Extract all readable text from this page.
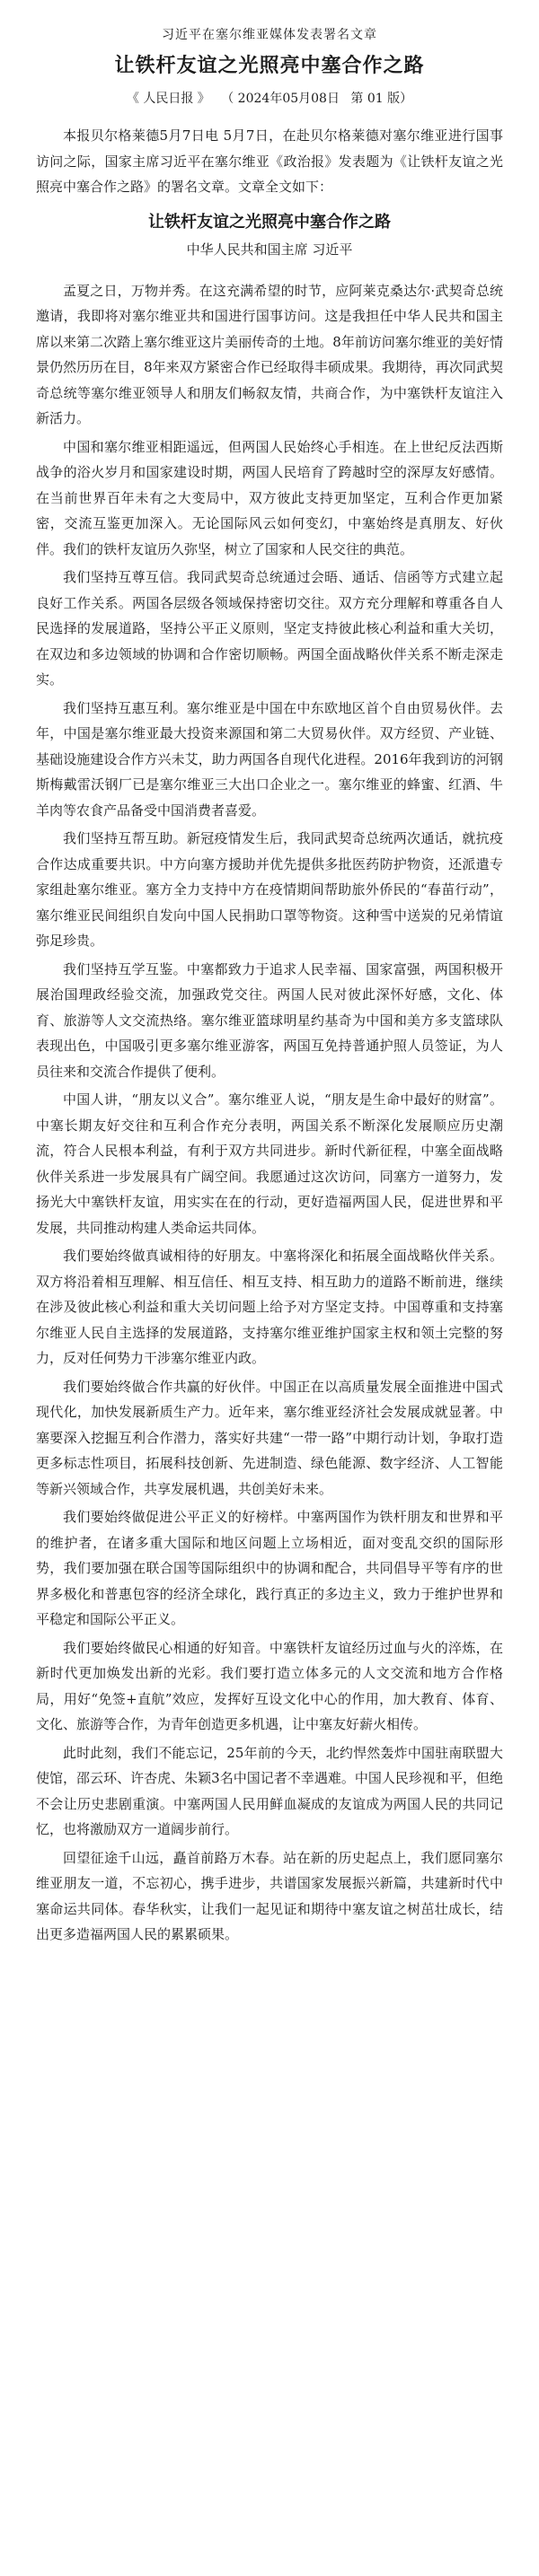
习近平在塞尔维亚媒体发表署名文章

让铁杆友谊之光照亮中塞合作之路
《 人民日报 》 （ 2024年05月08日 第 01 版）

本报贝尔格莱德5月7日电 5月7日，在赴贝尔格莱德对塞尔维亚进行国事访问之际，国家主席习近平在塞尔维亚《政治报》发表题为《让铁杆友谊之光照亮中塞合作之路》的署名文章。文章全文如下：

让铁杆友谊之光照亮中塞合作之路

中华人民共和国主席 习近平

孟夏之日，万物并秀。在这充满希望的时节，应阿莱克桑达尔·武契奇总统邀请，我即将对塞尔维亚共和国进行国事访问。这是我担任中华人民共和国主席以来第二次踏上塞尔维亚这片美丽传奇的土地。8年前访问塞尔维亚的美好情景仍然历历在目，8年来双方紧密合作已经取得丰硕成果。我期待，再次同武契奇总统等塞尔维亚领导人和朋友们畅叙友情，共商合作，为中塞铁杆友谊注入新活力。

中国和塞尔维亚相距遥远，但两国人民始终心手相连。在上世纪反法西斯战争的浴火岁月和国家建设时期，两国人民培育了跨越时空的深厚友好感情。在当前世界百年未有之大变局中，双方彼此支持更加坚定，互利合作更加紧密，交流互鉴更加深入。无论国际风云如何变幻，中塞始终是真朋友、好伙伴。我们的铁杆友谊历久弥坚，树立了国家和人民交往的典范。

我们坚持互尊互信。我同武契奇总统通过会晤、通话、信函等方式建立起良好工作关系。两国各层级各领域保持密切交往。双方充分理解和尊重各自人民选择的发展道路，坚持公平正义原则，坚定支持彼此核心利益和重大关切，在双边和多边领域的协调和合作密切顺畅。两国全面战略伙伴关系不断走深走实。

我们坚持互惠互利。塞尔维亚是中国在中东欧地区首个自由贸易伙伴。去年，中国是塞尔维亚最大投资来源国和第二大贸易伙伴。双方经贸、产业链、基础设施建设合作方兴未艾，助力两国各自现代化进程。2016年我到访的河钢斯梅戴雷沃钢厂已是塞尔维亚三大出口企业之一。塞尔维亚的蜂蜜、红酒、牛羊肉等农食产品备受中国消费者喜爱。

我们坚持互帮互助。新冠疫情发生后，我同武契奇总统两次通话，就抗疫合作达成重要共识。中方向塞方援助并优先提供多批医药防护物资，还派遣专家组赴塞尔维亚。塞方全力支持中方在疫情期间帮助旅外侨民的“春苗行动”，塞尔维亚民间组织自发向中国人民捐助口罩等物资。这种雪中送炭的兄弟情谊弥足珍贵。

我们坚持互学互鉴。中塞都致力于追求人民幸福、国家富强，两国积极开展治国理政经验交流，加强政党交往。两国人民对彼此深怀好感，文化、体育、旅游等人文交流热络。塞尔维亚篮球明星约基奇为中国和美方多支篮球队表现出色，中国吸引更多塞尔维亚游客，两国互免持普通护照人员签证，为人员往来和交流合作提供了便利。

中国人讲，“朋友以义合”。塞尔维亚人说，“朋友是生命中最好的财富”。中塞长期友好交往和互利合作充分表明，两国关系不断深化发展顺应历史潮流，符合人民根本利益，有利于双方共同进步。新时代新征程，中塞全面战略伙伴关系进一步发展具有广阔空间。我愿通过这次访问，同塞方一道努力，发扬光大中塞铁杆友谊，用实实在在的行动，更好造福两国人民，促进世界和平发展，共同推动构建人类命运共同体。

我们要始终做真诚相待的好朋友。中塞将深化和拓展全面战略伙伴关系。双方将沿着相互理解、相互信任、相互支持、相互助力的道路不断前进，继续在涉及彼此核心利益和重大关切问题上给予对方坚定支持。中国尊重和支持塞尔维亚人民自主选择的发展道路，支持塞尔维亚维护国家主权和领土完整的努力，反对任何势力干涉塞尔维亚内政。

我们要始终做合作共赢的好伙伴。中国正在以高质量发展全面推进中国式现代化，加快发展新质生产力。近年来，塞尔维亚经济社会发展成就显著。中塞要深入挖掘互利合作潜力，落实好共建“一带一路”中期行动计划，争取打造更多标志性项目，拓展科技创新、先进制造、绿色能源、数字经济、人工智能等新兴领域合作，共享发展机遇，共创美好未来。

我们要始终做促进公平正义的好榜样。中塞两国作为铁杆朋友和世界和平的维护者，在诸多重大国际和地区问题上立场相近，面对变乱交织的国际形势，我们要加强在联合国等国际组织中的协调和配合，共同倡导平等有序的世界多极化和普惠包容的经济全球化，践行真正的多边主义，致力于维护世界和平稳定和国际公平正义。

我们要始终做民心相通的好知音。中塞铁杆友谊经历过血与火的淬炼，在新时代更加焕发出新的光彩。我们要打造立体多元的人文交流和地方合作格局，用好“免签+直航”效应，发挥好互设文化中心的作用，加大教育、体育、文化、旅游等合作，为青年创造更多机遇，让中塞友好薪火相传。

此时此刻，我们不能忘记，25年前的今天，北约悍然轰炸中国驻南联盟大使馆，邵云环、许杏虎、朱颖3名中国记者不幸遇难。中国人民珍视和平，但绝不会让历史悲剧重演。中塞两国人民用鲜血凝成的友谊成为两国人民的共同记忆，也将激励双方一道阔步前行。

回望征途千山远，矗首前路万木春。站在新的历史起点上，我们愿同塞尔维亚朋友一道，不忘初心，携手进步，共谱国家发展振兴新篇，共建新时代中塞命运共同体。春华秋实，让我们一起见证和期待中塞友谊之树茁壮成长，结出更多造福两国人民的累累硕果。
